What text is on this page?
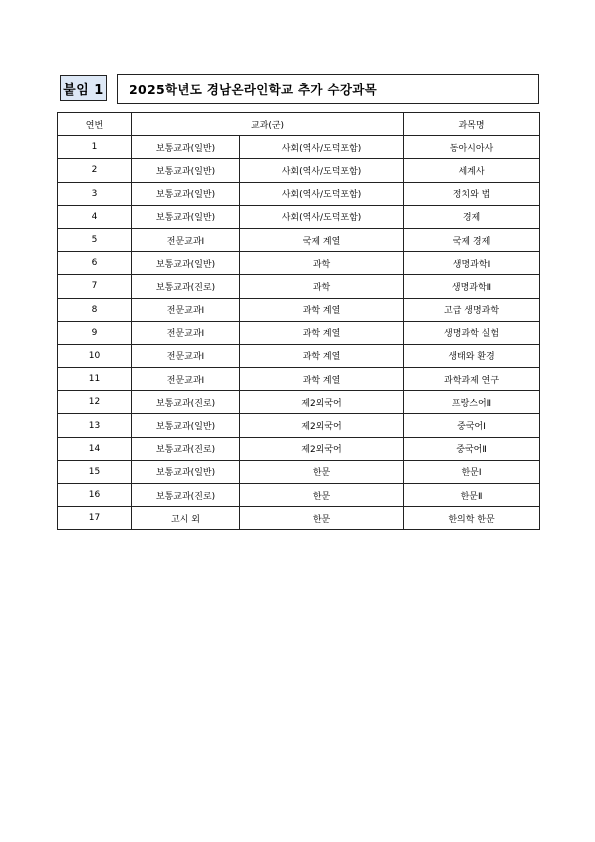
붙임 1	2025학년도 경남온라인학교 추가 수강과목
연번	교과(군)		과목명
1	보통교과(일반)	사회(역사/도덕포함)	동아시아사
2	보통교과(일반)	사회(역사/도덕포함)	세계사
3	보통교과(일반)	사회(역사/도덕포함)	정치와 법
4	보통교과(일반)	사회(역사/도덕포함)	경제
5	전문교과Ⅰ	국제 계열	국제 경제
6	보통교과(일반)	과학	생명과학Ⅰ
7	보통교과(진로)	과학	생명과학Ⅱ
8	전문교과Ⅰ	과학 계열	고급 생명과학
9	전문교과Ⅰ	과학 계열	생명과학 실험
10	전문교과Ⅰ	과학 계열	생태와 환경
11	전문교과Ⅰ	과학 계열	과학과제 연구
12	보통교과(진로)	제2외국어	프랑스어Ⅱ
13	보통교과(일반)	제2외국어	중국어Ⅰ
14	보통교과(진로)	제2외국어	중국어Ⅱ
15	보통교과(일반)	한문	한문Ⅰ
16	보통교과(진로)	한문	한문Ⅱ
17	고시 외	한문	한의학 한문
